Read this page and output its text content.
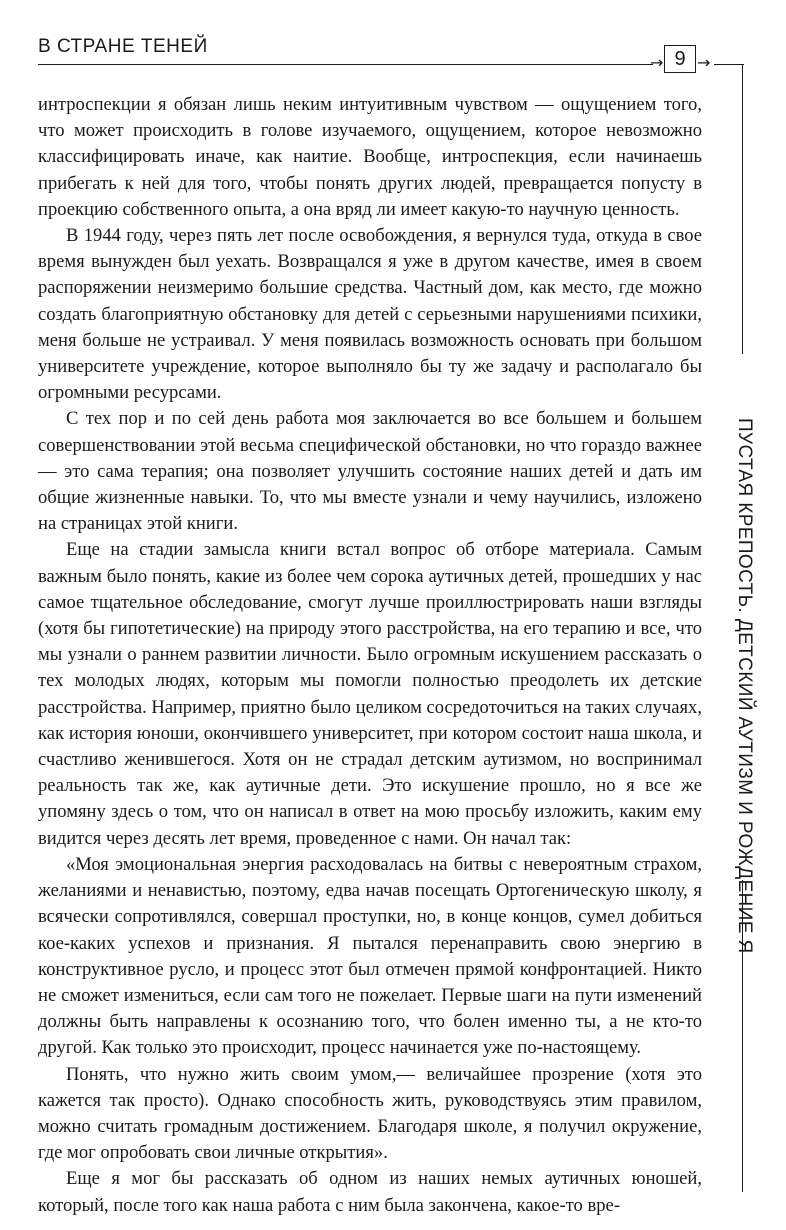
В СТРАНЕ ТЕНЕЙ
→ 9 →
ПУСТАЯ КРЕПОСТЬ. ДЕТСКИЙ АУТИЗМ И РОЖДЕНИЕ Я

интроспекции я обязан лишь неким интуитивным чувством — ощущением того, что может происходить в голове изучаемого, ощущением, которое невозможно классифицировать иначе, как наитие. Вообще, интроспекция, если начинаешь прибегать к ней для того, чтобы понять других людей, превращается попусту в проекцию собственного опыта, а она вряд ли имеет какую-то научную ценность.

В 1944 году, через пять лет после освобождения, я вернулся туда, откуда в свое время вынужден был уехать. Возвращался я уже в другом качестве, имея в своем распоряжении неизмеримо большие средства. Частный дом, как место, где можно создать благоприятную обстановку для детей с серьезными нарушениями психики, меня больше не устраивал. У меня появилась возможность основать при большом университете учреждение, которое выполняло бы ту же задачу и располагало бы огромными ресурсами.

С тех пор и по сей день работа моя заключается во все большем и большем совершенствовании этой весьма специфической обстановки, но что гораздо важнее — это сама терапия; она позволяет улучшить состояние наших детей и дать им общие жизненные навыки. То, что мы вместе узнали и чему научились, изложено на страницах этой книги.

Еще на стадии замысла книги встал вопрос об отборе материала. Самым важным было понять, какие из более чем сорока аутичных детей, прошедших у нас самое тщательное обследование, смогут лучше проиллюстрировать наши взгляды (хотя бы гипотетические) на природу этого расстройства, на его терапию и все, что мы узнали о раннем развитии личности. Было огромным искушением рассказать о тех молодых людях, которым мы помогли полностью преодолеть их детские расстройства. Например, приятно было целиком сосредоточиться на таких случаях, как история юноши, окончившего университет, при котором состоит наша школа, и счастливо женившегося. Хотя он не страдал детским аутизмом, но воспринимал реальность так же, как аутичные дети. Это искушение прошло, но я все же упомяну здесь о том, что он написал в ответ на мою просьбу изложить, каким ему видится через десять лет время, проведенное с нами. Он начал так:

«Моя эмоциональная энергия расходовалась на битвы с невероятным страхом, желаниями и ненавистью, поэтому, едва начав посещать Ортогеническую школу, я всячески сопротивлялся, совершал проступки, но, в конце концов, сумел добиться кое-каких успехов и признания. Я пытался перенаправить свою энергию в конструктивное русло, и процесс этот был отмечен прямой конфронтацией. Никто не сможет измениться, если сам того не пожелает. Первые шаги на пути изменений должны быть направлены к осознанию того, что болен именно ты, а не кто-то другой. Как только это происходит, процесс начинается уже по-настоящему.

Понять, что нужно жить своим умом,— величайшее прозрение (хотя это кажется так просто). Однако способность жить, руководствуясь этим правилом, можно считать громадным достижением. Благодаря школе, я получил окружение, где мог опробовать свои личные открытия».

Еще я мог бы рассказать об одном из наших немых аутичных юношей, который, после того как наша работа с ним была закончена, какое-то вре-
